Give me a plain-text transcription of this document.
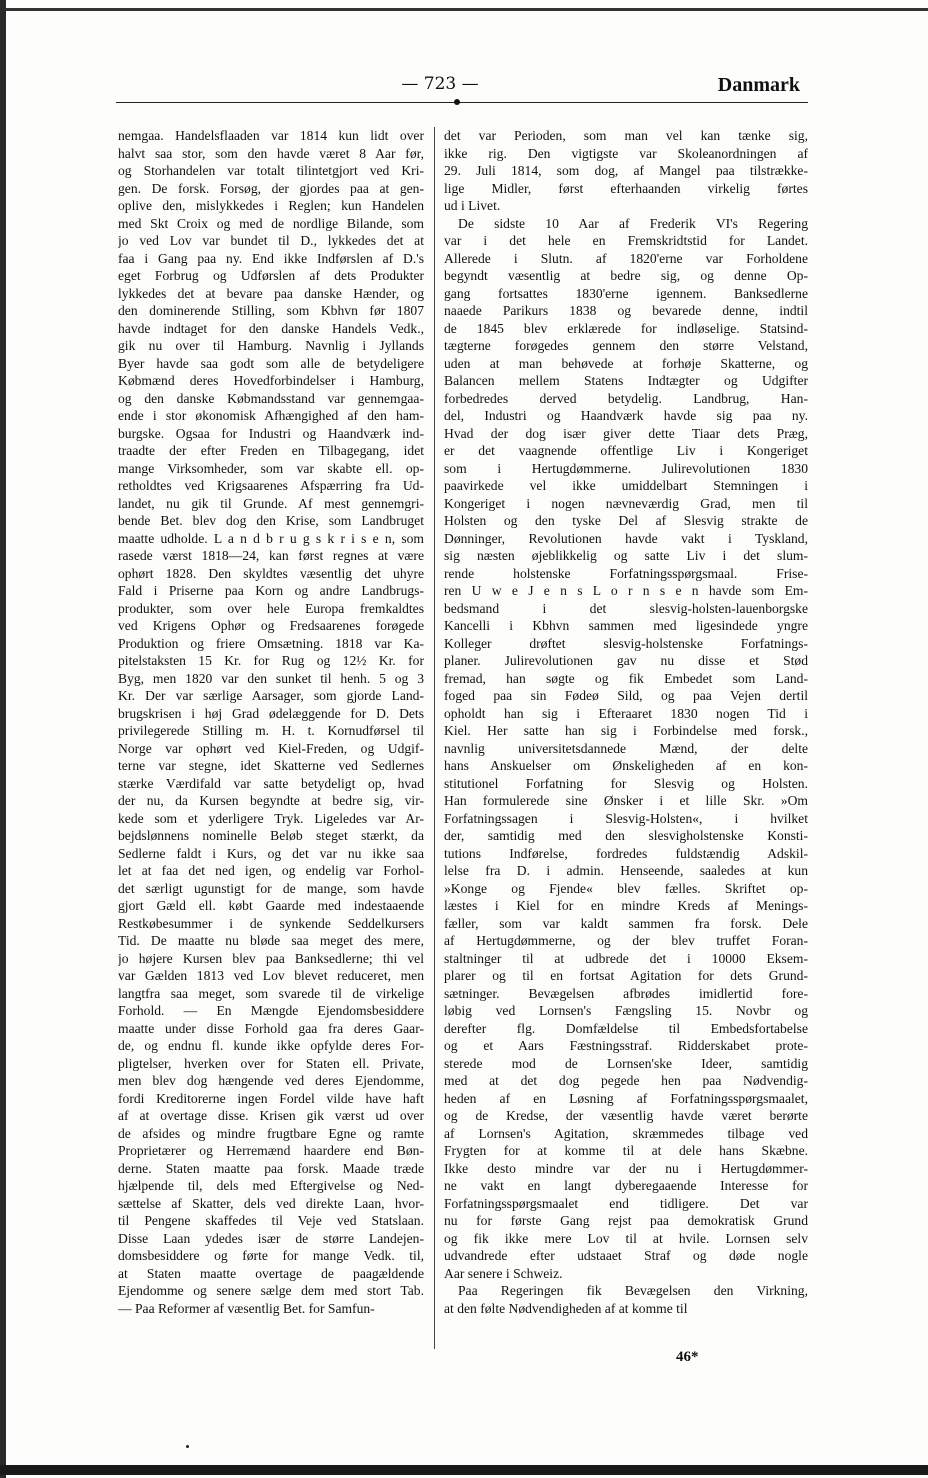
— 723 —	Danmark
nemgaa. Handelsflaaden var 1814 kun lidt over
halvt saa stor, som den havde været 8 Aar før,
og Storhandelen var totalt tilintetgjort ved Kri-
gen. De forsk. Forsøg, der gjordes paa at gen-
oplive den, mislykkedes i Reglen; kun Handelen
med Skt Croix og med de nordlige Bilande, som
jo ved Lov var bundet til D., lykkedes det at
faa i Gang paa ny. End ikke Indførslen af D.'s
eget Forbrug og Udførslen af dets Produkter
lykkedes det at bevare paa danske Hænder, og
den dominerende Stilling, som Kbhvn før 1807
havde indtaget for den danske Handels Vedk.,
gik nu over til Hamburg. Navnlig i Jyllands
Byer havde saa godt som alle de betydeligere
Købmænd deres Hovedforbindelser i Hamburg,
og den danske Købmandsstand var gennemgaa-
ende i stor økonomisk Afhængighed af den ham-
burgske. Ogsaa for Industri og Haandværk ind-
traadte der efter Freden en Tilbagegang, idet
mange Virksomheder, som var skabte ell. op-
retholdtes ved Krigsaarenes Afspærring fra Ud-
landet, nu gik til Grunde. Af mest gennemgri-
bende Bet. blev dog den Krise, som Landbruget
maatte udholde. L a n d b r u g s k r i s e n, som
rasede værst 1818—24, kan først regnes at være
ophørt 1828. Den skyldtes væsentlig det uhyre
Fald i Priserne paa Korn og andre Landbrugs-
produkter, som over hele Europa fremkaldtes
ved Krigens Ophør og Fredsaarenes forøgede
Produktion og friere Omsætning. 1818 var Ka-
pitelstaksten 15 Kr. for Rug og 12½ Kr. for
Byg, men 1820 var den sunket til henh. 5 og 3
Kr. Der var særlige Aarsager, som gjorde Land-
brugskrisen i høj Grad ødelæggende for D. Dets
privilegerede Stilling m. H. t. Kornudførsel til
Norge var ophørt ved Kiel-Freden, og Udgif-
terne var stegne, idet Skatterne ved Sedlernes
stærke Værdifald var satte betydeligt op, hvad
der nu, da Kursen begyndte at bedre sig, vir-
kede som et yderligere Tryk. Ligeledes var Ar-
bejdslønnens nominelle Beløb steget stærkt, da
Sedlerne faldt i Kurs, og det var nu ikke saa
let at faa det ned igen, og endelig var Forhol-
det særligt ugunstigt for de mange, som havde
gjort Gæld ell. købt Gaarde med indestaaende
Restkøbesummer i de synkende Seddelkursers
Tid. De maatte nu bløde saa meget des mere,
jo højere Kursen blev paa Banksedlerne; thi vel
var Gælden 1813 ved Lov blevet reduceret, men
langtfra saa meget, som svarede til de virkelige
Forhold. — En Mængde Ejendomsbesiddere
maatte under disse Forhold gaa fra deres Gaar-
de, og endnu fl. kunde ikke opfylde deres For-
pligtelser, hverken over for Staten ell. Private,
men blev dog hængende ved deres Ejendomme,
fordi Kreditorerne ingen Fordel vilde have haft
af at overtage disse. Krisen gik værst ud over
de afsides og mindre frugtbare Egne og ramte
Proprietærer og Herremænd haardere end Bøn-
derne. Staten maatte paa forsk. Maade træde
hjælpende til, dels med Eftergivelse og Ned-
sættelse af Skatter, dels ved direkte Laan, hvor-
til Pengene skaffedes til Veje ved Statslaan.
Disse Laan ydedes især de større Landejen-
domsbesiddere og førte for mange Vedk. til,
at Staten maatte overtage de paagældende
Ejendomme og senere sælge dem med stort Tab.
— Paa Reformer af væsentlig Bet. for Samfun-
det var Perioden, som man vel kan tænke sig,
ikke rig. Den vigtigste var Skoleanordningen af
29. Juli 1814, som dog, af Mangel paa tilstrække-
lige Midler, først efterhaanden virkelig førtes
ud i Livet.
De sidste 10 Aar af Frederik VI's Regering
var i det hele en Fremskridtstid for Landet.
Allerede i Slutn. af 1820'erne var Forholdene
begyndt væsentlig at bedre sig, og denne Op-
gang fortsattes 1830'erne igennem. Banksedlerne
naaede Parikurs 1838 og bevarede denne, indtil
de 1845 blev erklærede for indløselige. Statsind-
tægterne forøgedes gennem den større Velstand,
uden at man behøvede at forhøje Skatterne, og
Balancen mellem Statens Indtægter og Udgifter
forbedredes derved betydelig. Landbrug, Han-
del, Industri og Haandværk havde sig paa ny.
Hvad der dog især giver dette Tiaar dets Præg,
er det vaagnende offentlige Liv i Kongeriget
som i Hertugdømmerne. Julirevolutionen 1830
paavirkede vel ikke umiddelbart Stemningen i
Kongeriget i nogen nævneværdig Grad, men til
Holsten og den tyske Del af Slesvig strakte de
Dønninger, Revolutionen havde vakt i Tyskland,
sig næsten øjeblikkelig og satte Liv i det slum-
rende holstenske Forfatningsspørgsmaal. Frise-
ren U w e J e n s L o r n s e n havde som Em-
bedsmand i det slesvig-holsten-lauenborgske
Kancelli i Kbhvn sammen med ligesindede yngre
Kolleger drøftet slesvig-holstenske Forfatnings-
planer. Julirevolutionen gav nu disse et Stød
fremad, han søgte og fik Embedet som Land-
foged paa sin Fødeø Sild, og paa Vejen dertil
opholdt han sig i Efteraaret 1830 nogen Tid i
Kiel. Her satte han sig i Forbindelse med forsk.,
navnlig universitetsdannede Mænd, der delte
hans Anskuelser om Ønskeligheden af en kon-
stitutionel Forfatning for Slesvig og Holsten.
Han formulerede sine Ønsker i et lille Skr. »Om
Forfatningssagen i Slesvig-Holsten«, i hvilket
der, samtidig med den slesvigholstenske Konsti-
tutions Indførelse, fordredes fuldstændig Adskil-
lelse fra D. i admin. Henseende, saaledes at kun
»Konge og Fjende« blev fælles. Skriftet op-
læstes i Kiel for en mindre Kreds af Menings-
fæller, som var kaldt sammen fra forsk. Dele
af Hertugdømmerne, og der blev truffet Foran-
staltninger til at udbrede det i 10000 Eksem-
plarer og til en fortsat Agitation for dets Grund-
sætninger. Bevægelsen afbrødes imidlertid fore-
løbig ved Lornsen's Fængsling 15. Novbr og
derefter flg. Domfældelse til Embedsfortabelse
og et Aars Fæstningsstraf. Ridderskabet prote-
sterede mod de Lornsen'ske Ideer, samtidig
med at det dog pegede hen paa Nødvendig-
heden af en Løsning af Forfatningsspørgsmaalet,
og de Kredse, der væsentlig havde været berørte
af Lornsen's Agitation, skræmmedes tilbage ved
Frygten for at komme til at dele hans Skæbne.
Ikke desto mindre var der nu i Hertugdømmer-
ne vakt en langt dyberegaaende Interesse for
Forfatningsspørgsmaalet end tidligere. Det var
nu for første Gang rejst paa demokratisk Grund
og fik ikke mere Lov til at hvile. Lornsen selv
udvandrede efter udstaaet Straf og døde nogle
Aar senere i Schweiz.
Paa Regeringen fik Bevægelsen den Virkning,
at den følte Nødvendigheden af at komme til
46*
